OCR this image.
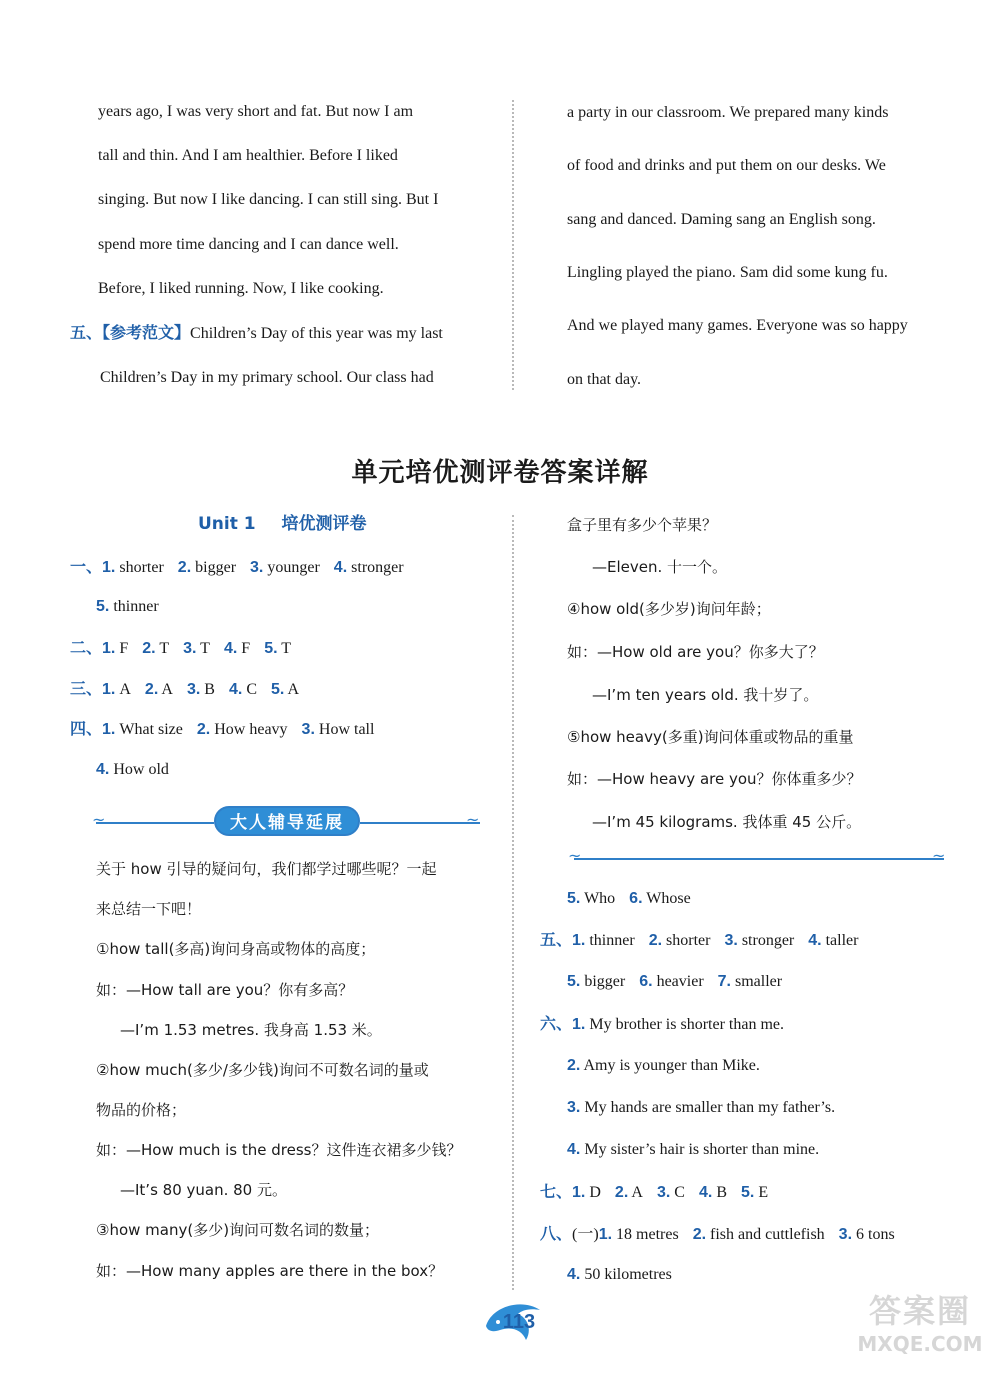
years ago, I was very short and fat. But now I am
tall and thin. And I am healthier. Before I liked
singing. But now I like dancing. I can still sing. But I
spend more time dancing and I can dance well.
Before, I liked running. Now, I like cooking.
五、【参考范文】Children’s Day of this year was my last
Children’s Day in my primary school. Our class had
a party in our classroom. We prepared many kinds
of food and drinks and put them on our desks. We
sang and danced. Daming sang an English song.
Lingling played the piano. Sam did some kung fu.
And we played many games. Everyone was so happy
on that day.
单元培优测评卷答案详解
Unit 1 培优测评卷
一、1. shorter 2. bigger 3. younger 4. stronger
5. thinner
二、1. F 2. T 3. T 4. F 5. T
三、1. A 2. A 3. B 4. C 5. A
四、1. What size 2. How heavy 3. How tall
4. How old
~	~
大人辅导延展
关于 how 引导的疑问句，我们都学过哪些呢？一起
来总结一下吧！
①how tall(多高)询问身高或物体的高度；
如：—How tall are you？你有多高？
—I’m 1.53 metres. 我身高 1.53 米。
②how much(多少/多少钱)询问不可数名词的量或
物品的价格；
如：—How much is the dress？这件连衣裙多少钱？
—It’s 80 yuan. 80 元。
③how many(多少)询问可数名词的数量；
如：—How many apples are there in the box？
盒子里有多少个苹果？
—Eleven. 十一个。
④how old(多少岁)询问年龄；
如：—How old are you？你多大了？
—I’m ten years old. 我十岁了。
⑤how heavy(多重)询问体重或物品的重量
如：—How heavy are you？你体重多少？
—I’m 45 kilograms. 我体重 45 公斤。
~	~
5. Who 6. Whose
五、1. thinner 2. shorter 3. stronger 4. taller
5. bigger 6. heavier 7. smaller
六、1. My brother is shorter than me.
2. Amy is younger than Mike.
3. My hands are smaller than my father’s.
4. My sister’s hair is shorter than mine.
七、1. D 2. A 3. C 4. B 5. E
八、(一)1. 18 metres 2. fish and cuttlefish 3. 6 tons
4. 50 kilometres
113	答案圈
MXQE.COM
